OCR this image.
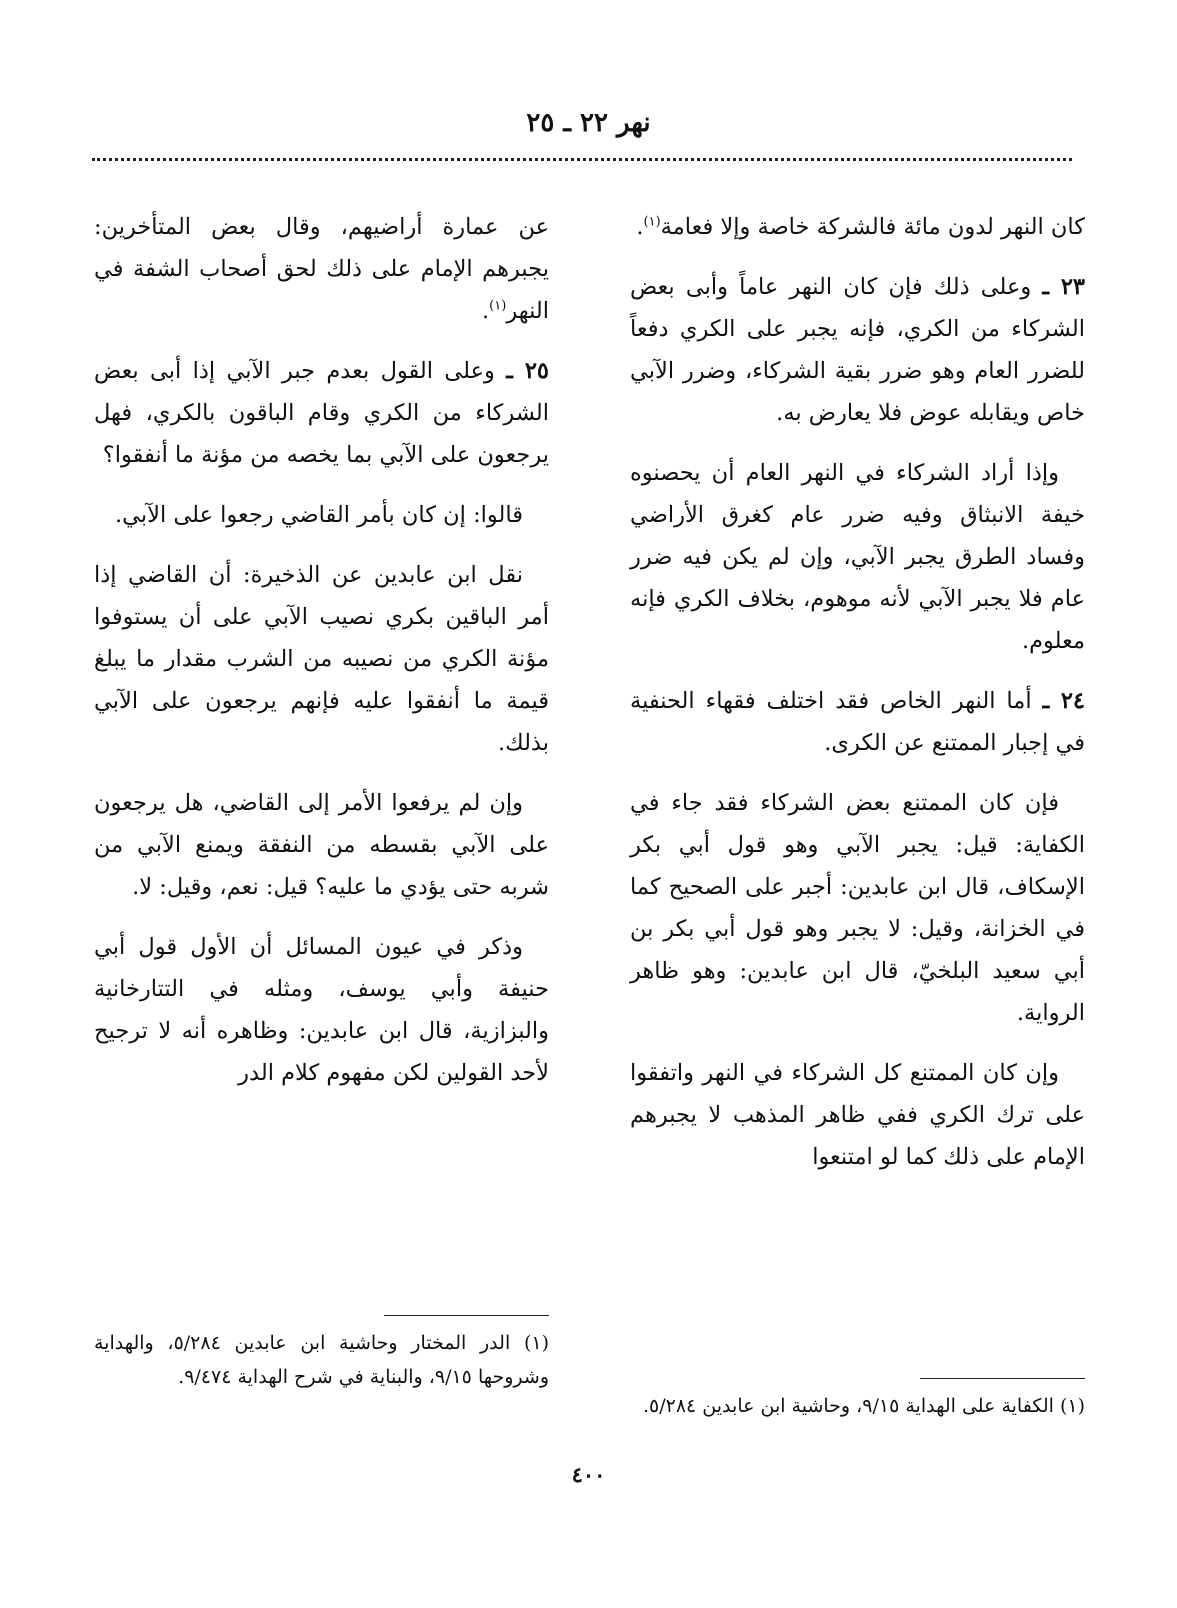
نهر ٢٢ ـ ٢٥

كان النهر لدون مائة فالشركة خاصة وإلا فعامة$^{(١)}$.

٢٣ ـ وعلى ذلك فإن كان النهر عاماً وأبى بعض الشركاء من الكري، فإنه يجبر على الكري دفعاً للضرر العام وهو ضرر بقية الشركاء، وضرر الآبي خاص ويقابله عوض فلا يعارض به.

وإذا أراد الشركاء في النهر العام أن يحصنوه خيفة الانبثاق وفيه ضرر عام كغرق الأراضي وفساد الطرق يجبر الآبي، وإن لم يكن فيه ضرر عام فلا يجبر الآبي لأنه موهوم، بخلاف الكري فإنه معلوم.

٢٤ ـ أما النهر الخاص فقد اختلف فقهاء الحنفية في إجبار الممتنع عن الكرى.

فإن كان الممتنع بعض الشركاء فقد جاء في الكفاية: قيل: يجبر الآبي وهو قول أبي بكر الإسكاف، قال ابن عابدين: أجبر على الصحيح كما في الخزانة، وقيل: لا يجبر وهو قول أبي بكر بن أبي سعيد البلخيّ، قال ابن عابدين: وهو ظاهر الرواية.

وإن كان الممتنع كل الشركاء في النهر واتفقوا على ترك الكري ففي ظاهر المذهب لا يجبرهم الإمام على ذلك كما لو امتنعوا

عن عمارة أراضيهم، وقال بعض المتأخرين: يجبرهم الإمام على ذلك لحق أصحاب الشفة في النهر$^{(١)}$.

٢٥ ـ وعلى القول بعدم جبر الآبي إذا أبى بعض الشركاء من الكري وقام الباقون بالكري، فهل يرجعون على الآبي بما يخصه من مؤنة ما أنفقوا؟

قالوا: إن كان بأمر القاضي رجعوا على الآبي.

نقل ابن عابدين عن الذخيرة: أن القاضي إذا أمر الباقين بكري نصيب الآبي على أن يستوفوا مؤنة الكري من نصيبه من الشرب مقدار ما يبلغ قيمة ما أنفقوا عليه فإنهم يرجعون على الآبي بذلك.

وإن لم يرفعوا الأمر إلى القاضي، هل يرجعون على الآبي بقسطه من النفقة ويمنع الآبي من شربه حتى يؤدي ما عليه؟ قيل: نعم، وقيل: لا.

وذكر في عيون المسائل أن الأول قول أبي حنيفة وأبي يوسف، ومثله في التتارخانية والبزازية، قال ابن عابدين: وظاهره أنه لا ترجيح لأحد القولين لكن مفهوم كلام الدر

(١) الدر المختار وحاشية ابن عابدين ٥/٢٨٤، والهداية وشروحها ٩/١٥، والبناية في شرح الهداية ٩/٤٧٤.
(١) الكفاية على الهداية ٩/١٥، وحاشية ابن عابدين ٥/٢٨٤.
٤٠٠
